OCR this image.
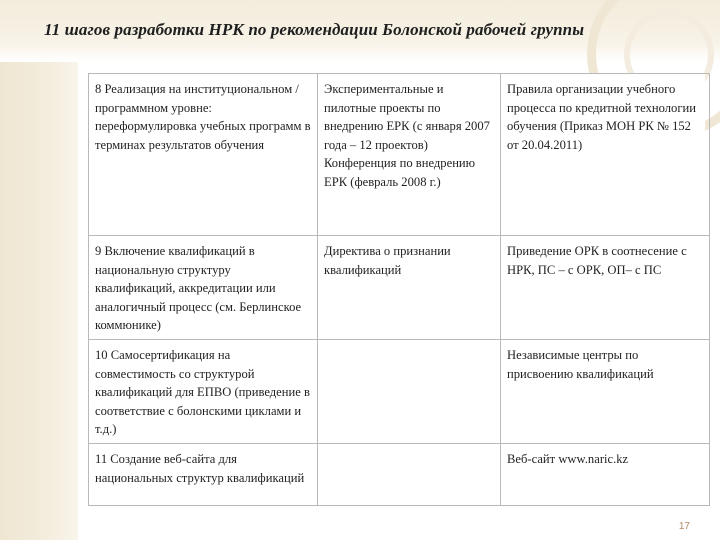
11 шагов разработки НРК по рекомендации Болонской рабочей группы
8 Реализация на институциональном / программном уровне: переформулировка учебных программ в терминах результатов обучения	Экспериментальные и пилотные проекты по внедрению ЕРК (с января 2007 года – 12 проектов) Конференция по внедрению ЕРК (февраль 2008 г.)	Правила организации учебного процесса по кредитной технологии обучения (Приказ МОН РК № 152 от 20.04.2011)
9 Включение квалификаций в национальную структуру квалификаций, аккредитации или аналогичный процесс (см. Берлинское коммюнике)	Директива о признании квалификаций	Приведение ОРК в соотнесение с НРК, ПС – с ОРК, ОП– с ПС
10 Самосертификация на совместимость со структурой квалификаций для ЕПВО (приведение в соответствие с болонскими циклами и т.д.)		Независимые центры по присвоению квалификаций
11 Создание веб-сайта для национальных структур квалификаций		Веб-сайт www.naric.kz
17
